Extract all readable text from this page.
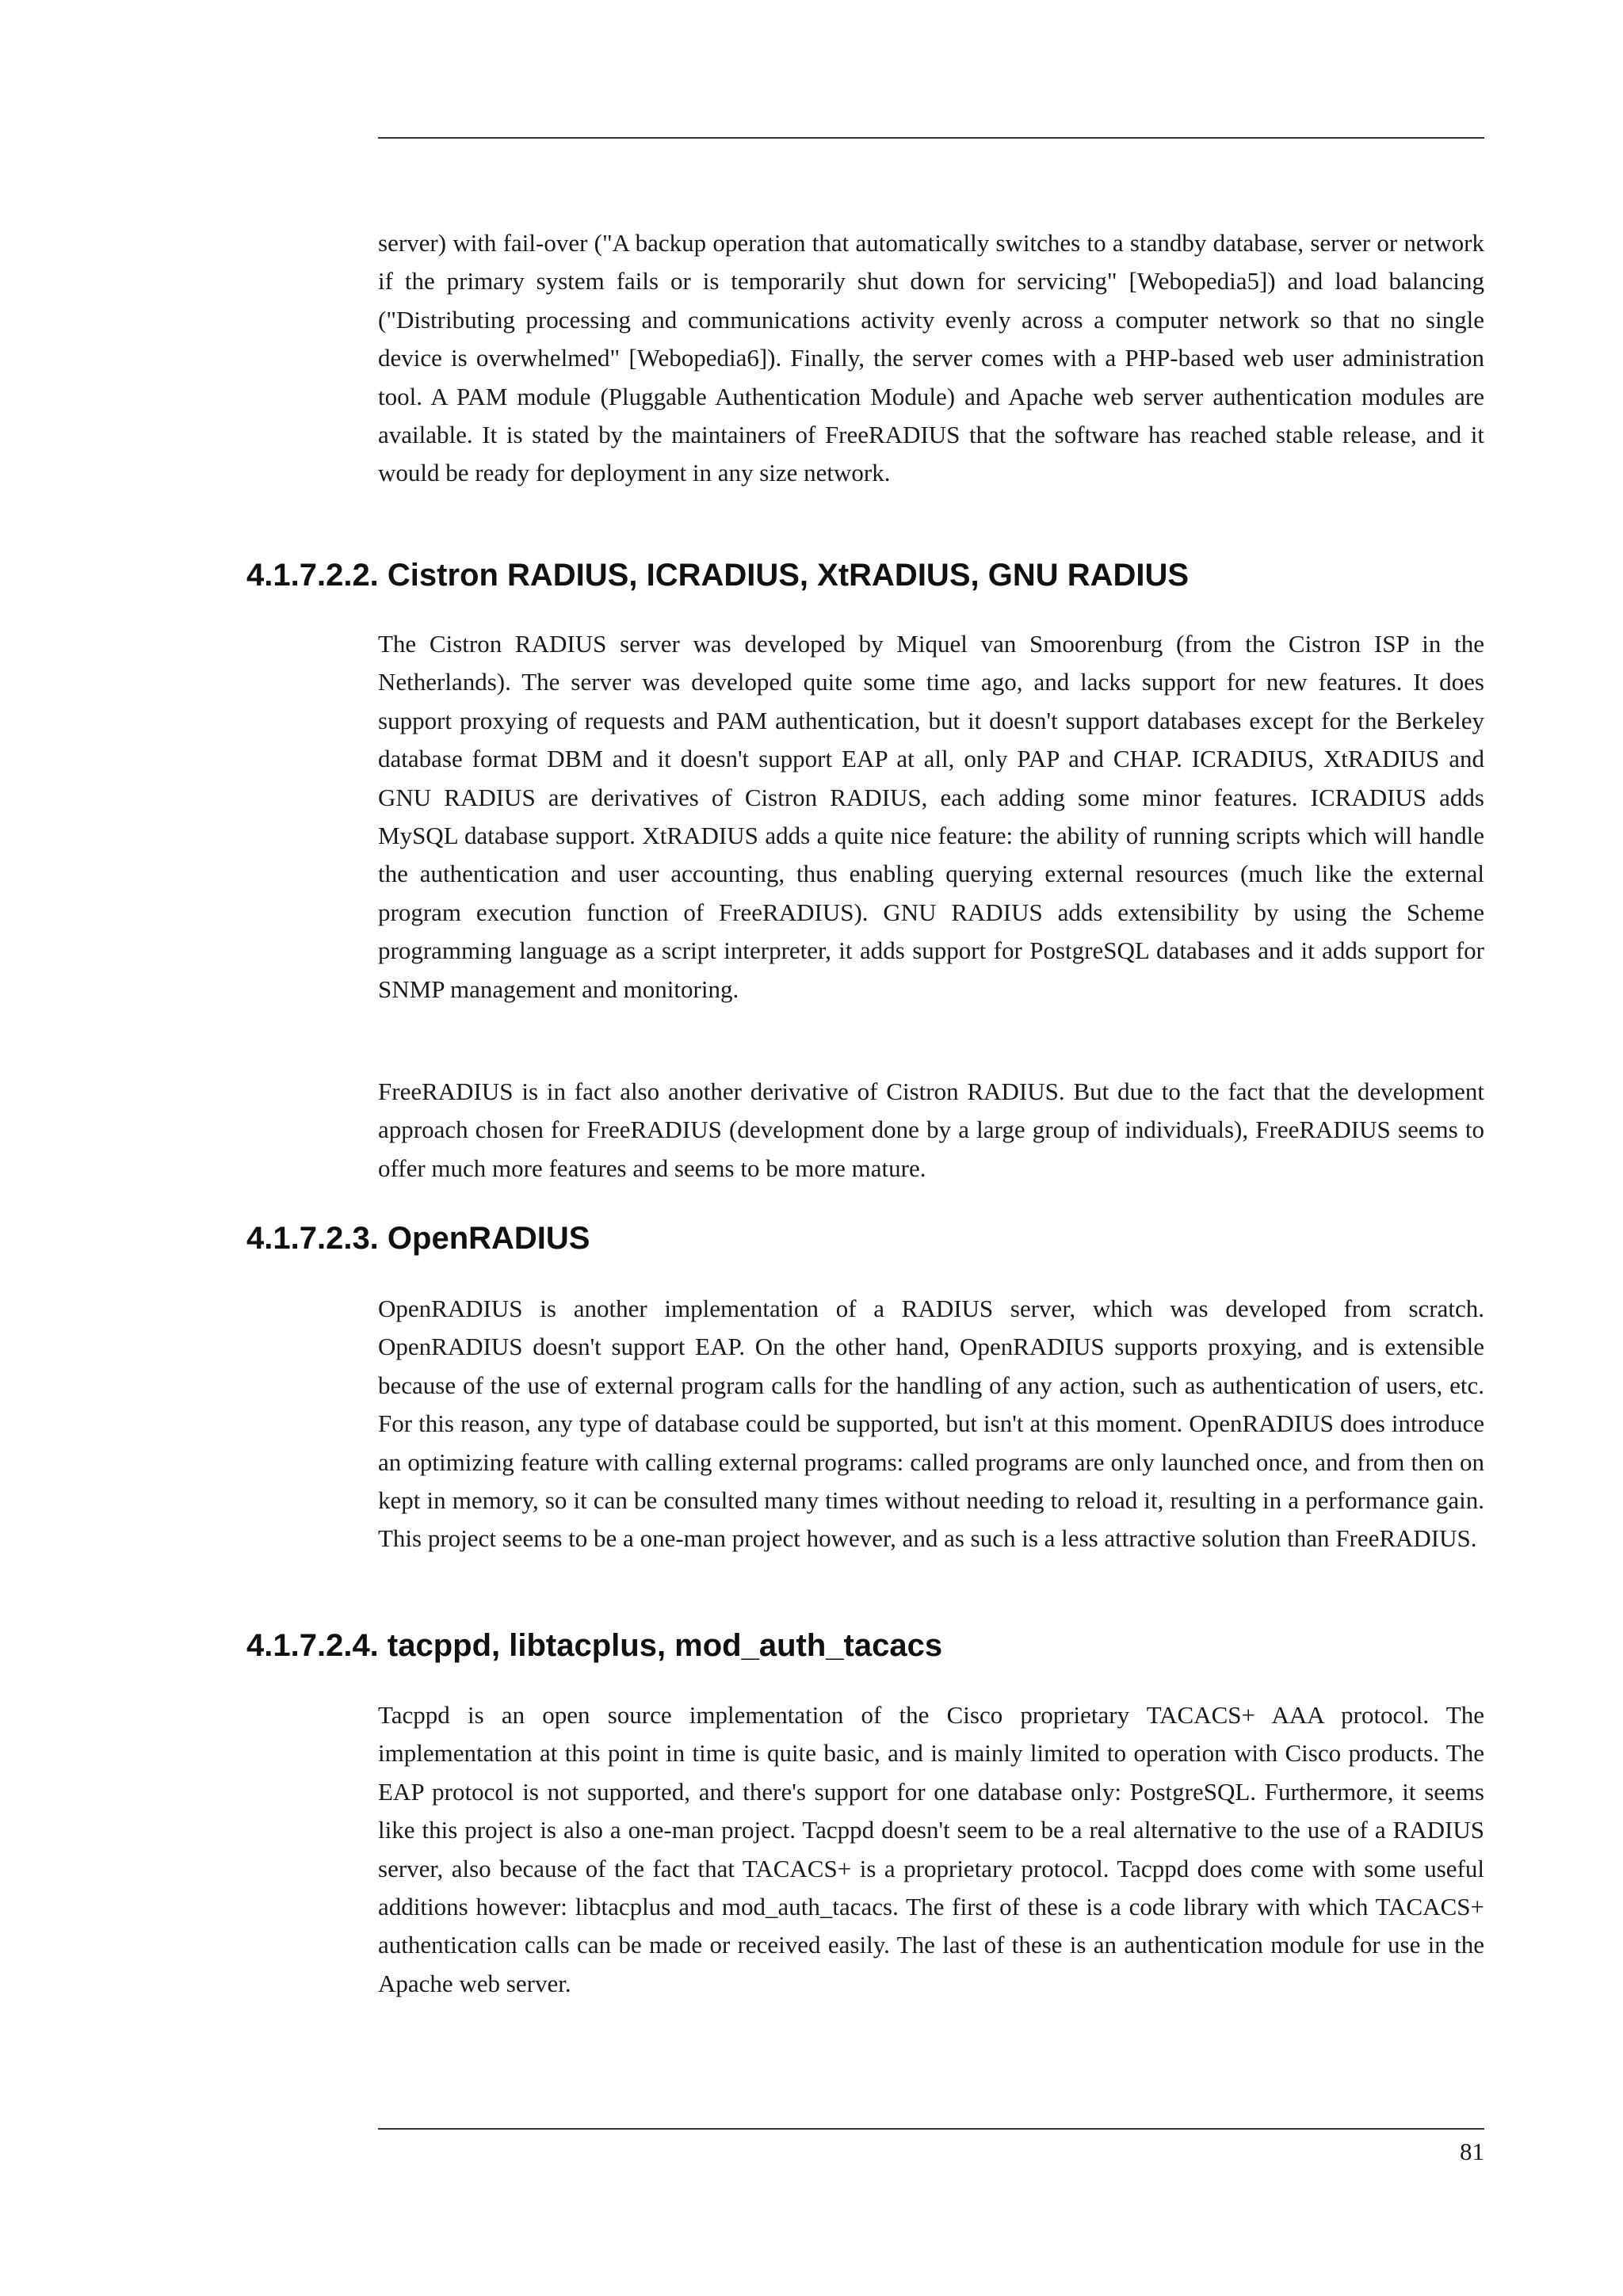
server) with fail-over ("A backup operation that automatically switches to a standby database, server or network if the primary system fails or is temporarily shut down for servicing" [Webopedia5]) and load balancing ("Distributing processing and communications activity evenly across a computer network so that no single device is overwhelmed" [Webopedia6]). Finally, the server comes with a PHP-based web user administration tool. A PAM module (Pluggable Authentication Module) and Apache web server authentication modules are available. It is stated by the maintainers of FreeRADIUS that the software has reached stable release, and it would be ready for deployment in any size network.

4.1.7.2.2. Cistron RADIUS, ICRADIUS, XtRADIUS, GNU RADIUS

The Cistron RADIUS server was developed by Miquel van Smoorenburg (from the Cistron ISP in the Netherlands). The server was developed quite some time ago, and lacks support for new features. It does support proxying of requests and PAM authentication, but it doesn't support databases except for the Berkeley database format DBM and it doesn't support EAP at all, only PAP and CHAP. ICRADIUS, XtRADIUS and GNU RADIUS are derivatives of Cistron RADIUS, each adding some minor features. ICRADIUS adds MySQL database support. XtRADIUS adds a quite nice feature: the ability of running scripts which will handle the authentication and user accounting, thus enabling querying external resources (much like the external program execution function of FreeRADIUS). GNU RADIUS adds extensibility by using the Scheme programming language as a script interpreter, it adds support for PostgreSQL databases and it adds support for SNMP management and monitoring.

FreeRADIUS is in fact also another derivative of Cistron RADIUS. But due to the fact that the development approach chosen for FreeRADIUS (development done by a large group of individuals), FreeRADIUS seems to offer much more features and seems to be more mature.

4.1.7.2.3. OpenRADIUS

OpenRADIUS is another implementation of a RADIUS server, which was developed from scratch. OpenRADIUS doesn't support EAP. On the other hand, OpenRADIUS supports proxying, and is extensible because of the use of external program calls for the handling of any action, such as authentication of users, etc. For this reason, any type of database could be supported, but isn't at this moment. OpenRADIUS does introduce an optimizing feature with calling external programs: called programs are only launched once, and from then on kept in memory, so it can be consulted many times without needing to reload it, resulting in a performance gain. This project seems to be a one-man project however, and as such is a less attractive solution than FreeRADIUS.

4.1.7.2.4. tacppd, libtacplus, mod_auth_tacacs

Tacppd is an open source implementation of the Cisco proprietary TACACS+ AAA protocol. The implementation at this point in time is quite basic, and is mainly limited to operation with Cisco products. The EAP protocol is not supported, and there's support for one database only: PostgreSQL. Furthermore, it seems like this project is also a one-man project. Tacppd doesn't seem to be a real alternative to the use of a RADIUS server, also because of the fact that TACACS+ is a proprietary protocol. Tacppd does come with some useful additions however: libtacplus and mod_auth_tacacs. The first of these is a code library with which TACACS+ authentication calls can be made or received easily. The last of these is an authentication module for use in the Apache web server.

81
